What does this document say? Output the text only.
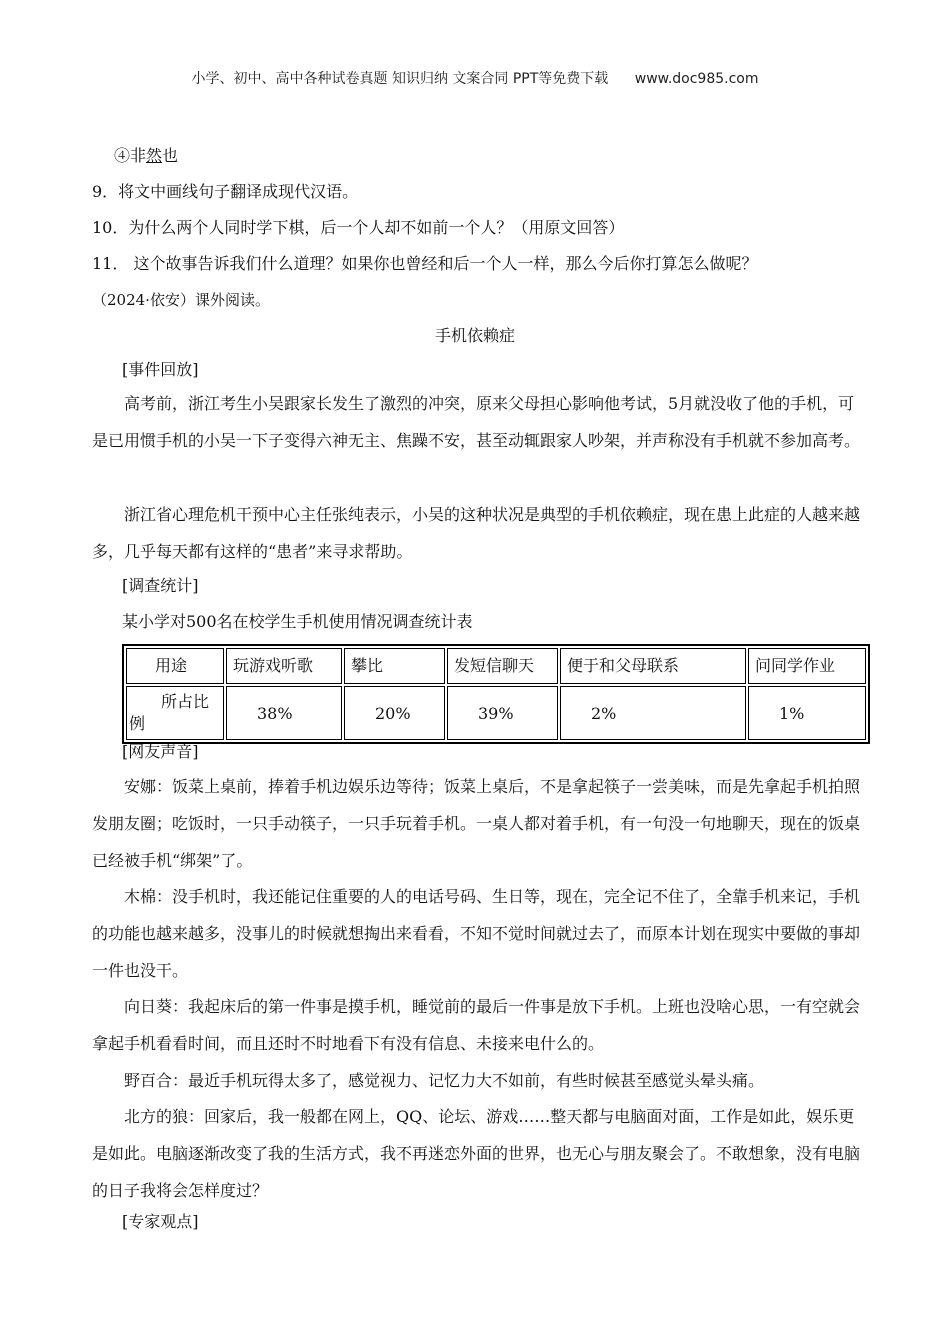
小学、初中、高中各种试卷真题 知识归纳 文案合同 PPT等免费下载 www.doc985.com
④非然也
9．将文中画线句子翻译成现代汉语。
10．为什么两个人同时学下棋，后一个人却不如前一个人？（用原文回答）
11． 这个故事告诉我们什么道理？如果你也曾经和后一个人一样，那么今后你打算怎么做呢？
（2024·依安）课外阅读。
手机依赖症
[事件回放]
高考前，浙江考生小吴跟家长发生了激烈的冲突，原来父母担心影响他考试，5月就没收了他的手机，可是已用惯手机的小吴一下子变得六神无主、焦躁不安，甚至动辄跟家人吵架，并声称没有手机就不参加高考。
浙江省心理危机干预中心主任张纯表示，小吴的这种状况是典型的手机依赖症，现在患上此症的人越来越多，几乎每天都有这样的“患者”来寻求帮助。
[调查统计]
某小学对500名在校学生手机使用情况调查统计表
用途	玩游戏听歌	攀比	发短信聊天	便于和父母联系	问同学作业

所占比
例	38%	20%	39%	2%	1%
[网友声音]
安娜：饭菜上桌前，捧着手机边娱乐边等待；饭菜上桌后，不是拿起筷子一尝美味，而是先拿起手机拍照发朋友圈；吃饭时，一只手动筷子，一只手玩着手机。一桌人都对着手机，有一句没一句地聊天，现在的饭桌已经被手机“绑架”了。
木棉：没手机时，我还能记住重要的人的电话号码、生日等，现在，完全记不住了，全靠手机来记，手机的功能也越来越多，没事儿的时候就想掏出来看看，不知不觉时间就过去了，而原本计划在现实中要做的事却一件也没干。
向日葵：我起床后的第一件事是摸手机，睡觉前的最后一件事是放下手机。上班也没啥心思，一有空就会拿起手机看看时间，而且还时不时地看下有没有信息、未接来电什么的。
野百合：最近手机玩得太多了，感觉视力、记忆力大不如前，有些时候甚至感觉头晕头痛。
北方的狼：回家后，我一般都在网上，QQ、论坛、游戏……整天都与电脑面对面，工作是如此，娱乐更是如此。电脑逐渐改变了我的生活方式，我不再迷恋外面的世界，也无心与朋友聚会了。不敢想象，没有电脑的日子我将会怎样度过？
[专家观点]
